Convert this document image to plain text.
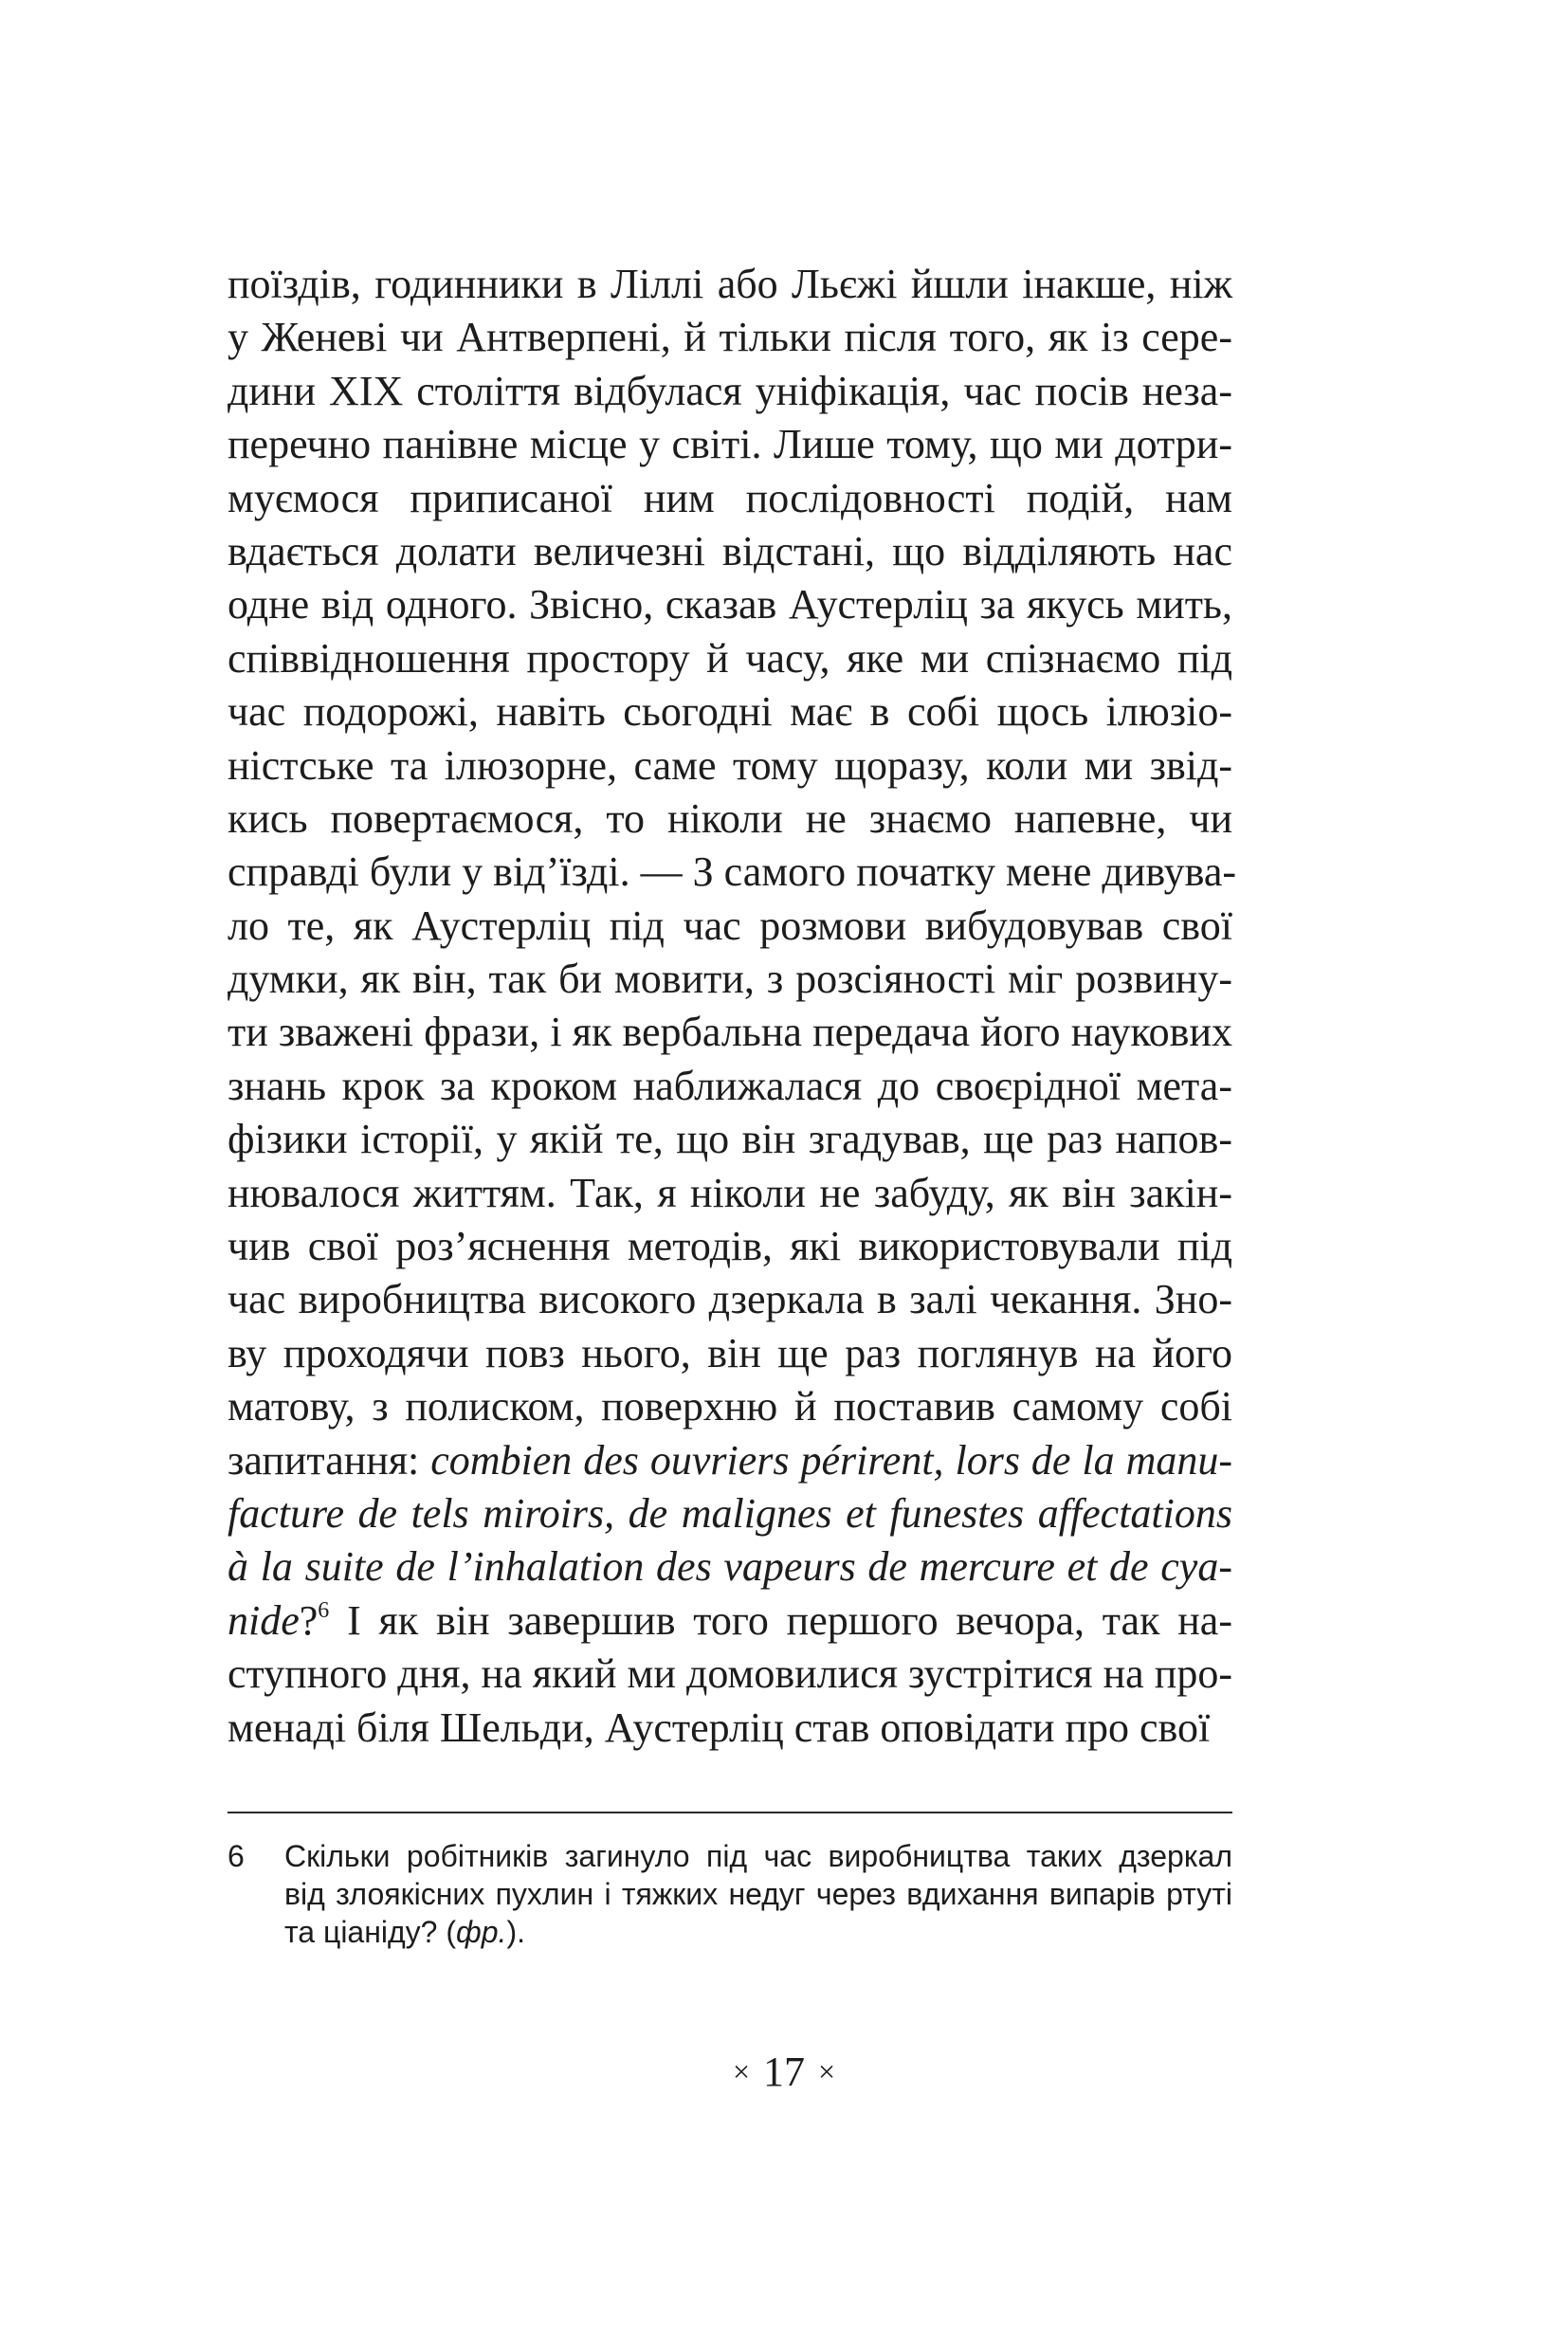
поїздів, годинники в Ліллі або Льєжі йшли інакше, ніж
у Женеві чи Антверпені, й тільки після того, як із сере-
дини XIX століття відбулася уніфікація, час посів неза-
перечно панівне місце у світі. Лише тому, що ми дотри-
муємося приписаної ним послідовності подій, нам
вдається долати величезні відстані, що відділяють нас
одне від одного. Звісно, сказав Аустерліц за якусь мить,
співвідношення простору й часу, яке ми спізнаємо під
час подорожі, навіть сьогодні має в собі щось ілюзіо-
ністське та ілюзорне, саме тому щоразу, коли ми звід-
кись повертаємося, то ніколи не знаємо напевне, чи
справді були у від’їзді. — З самого початку мене дивува-
ло те, як Аустерліц під час розмови вибудовував свої
думки, як він, так би мовити, з розсіяності міг розвину-
ти зважені фрази, і як вербальна передача його наукових
знань крок за кроком наближалася до своєрідної мета-
фізики історії, у якій те, що він згадував, ще раз напов-
нювалося життям. Так, я ніколи не забуду, як він закін-
чив свої роз’яснення методів, які використовували під
час виробництва високого дзеркала в залі чекання. Зно-
ву проходячи повз нього, він ще раз поглянув на його
матову, з полиском, поверхню й поставив самому собі
запитання: combien des ouvriers périrent, lors de la manu-
facture de tels miroirs, de malignes et funestes affectations
à la suite de l’inhalation des vapeurs de mercure et de cya-
nide?$^6$ І як він завершив того першого вечора, так на-
ступного дня, на який ми домовилися зустрітися на про-
менаді біля Шельди, Аустерліц став оповідати про свої
6 Скільки робітників загинуло під час виробництва таких дзеркал
від злоякісних пухлин і тяжких недуг через вдихання випарів ртуті
та ціаніду? (фр.).
× 17 ×
